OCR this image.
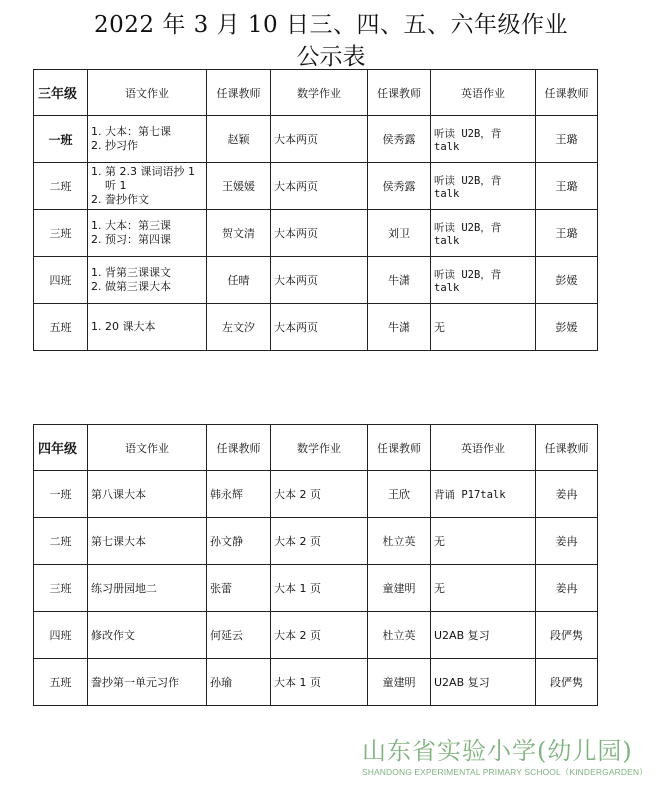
2022 年 3 月 10 日三、四、五、六年级作业
公示表
三年级	语文作业	任课教师	数学作业	任课教师	英语作业	任课教师
一班	1. 大本：第七课
2. 抄习作	赵颖	大本两页	侯秀露	听读 U2B，背 talk	王璐
二班	1. 第 2.3 课词语抄 1
听 1
2. 誊抄作文	王媛媛	大本两页	侯秀露	听读 U2B，背 talk	王璐
三班	1. 大本：第三课
2. 预习：第四课	贺文清	大本两页	刘卫	听读 U2B，背 talk	王璐
四班	1. 背第三课课文
2. 做第三课大本	任晴	大本两页	牛潇	听读 U2B，背 talk	彭媛
五班	1. 20 课大本	左文汐	大本两页	牛潇	无	彭媛
四年级	语文作业	任课教师	数学作业	任课教师	英语作业	任课教师
一班	第八课大本	韩永辉	大本 2 页	王欣	背诵 P17talk	姜冉
二班	第七课大本	孙文静	大本 2 页	杜立英	无	姜冉
三班	练习册园地二	张蕾	大本 1 页	童建明	无	姜冉
四班	修改作文	何延云	大本 2 页	杜立英	U2AB 复习	段俨隽
五班	誊抄第一单元习作	孙瑜	大本 1 页	童建明	U2AB 复习	段俨隽
山东省实验小学(幼儿园)
SHANDONG EXPERIMENTAL PRIMARY SCHOOL（KINDERGARDEN）
